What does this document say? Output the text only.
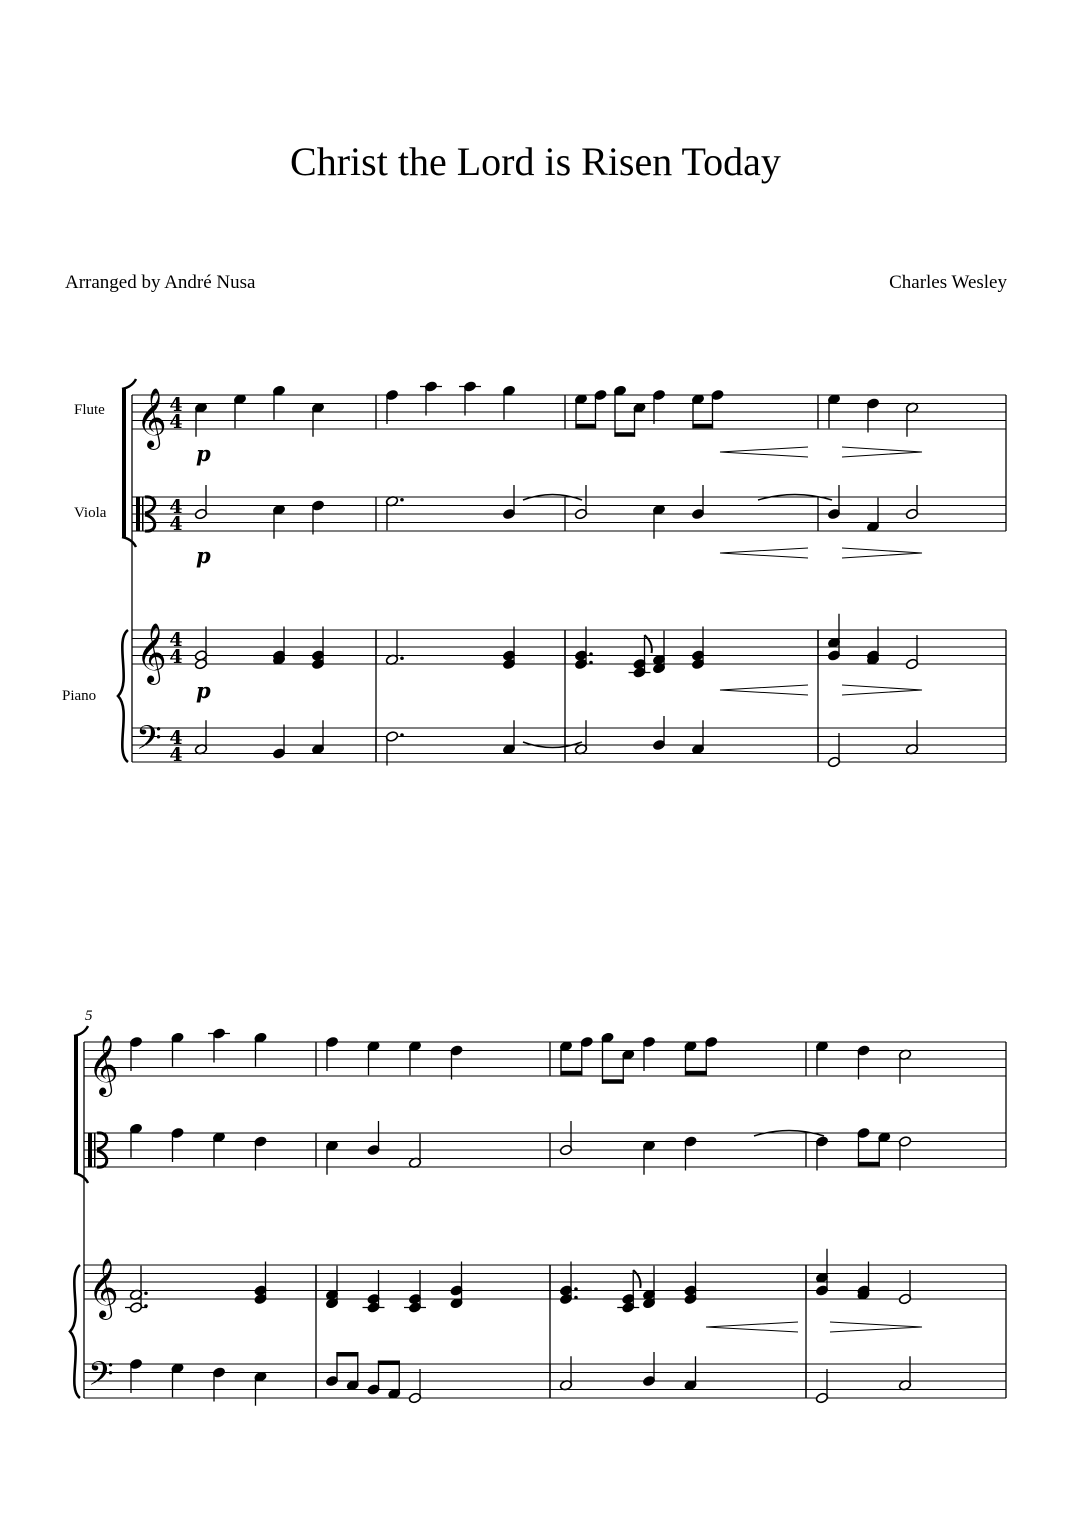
Christ the Lord is Risen Today
Arranged by André Nusa	Charles Wesley
Flute
Viola
Piano
𝄞 4
4
4
4
𝄞 4
4
𝄢 4
4
p
p
p
5
𝄞
𝄞
𝄢
